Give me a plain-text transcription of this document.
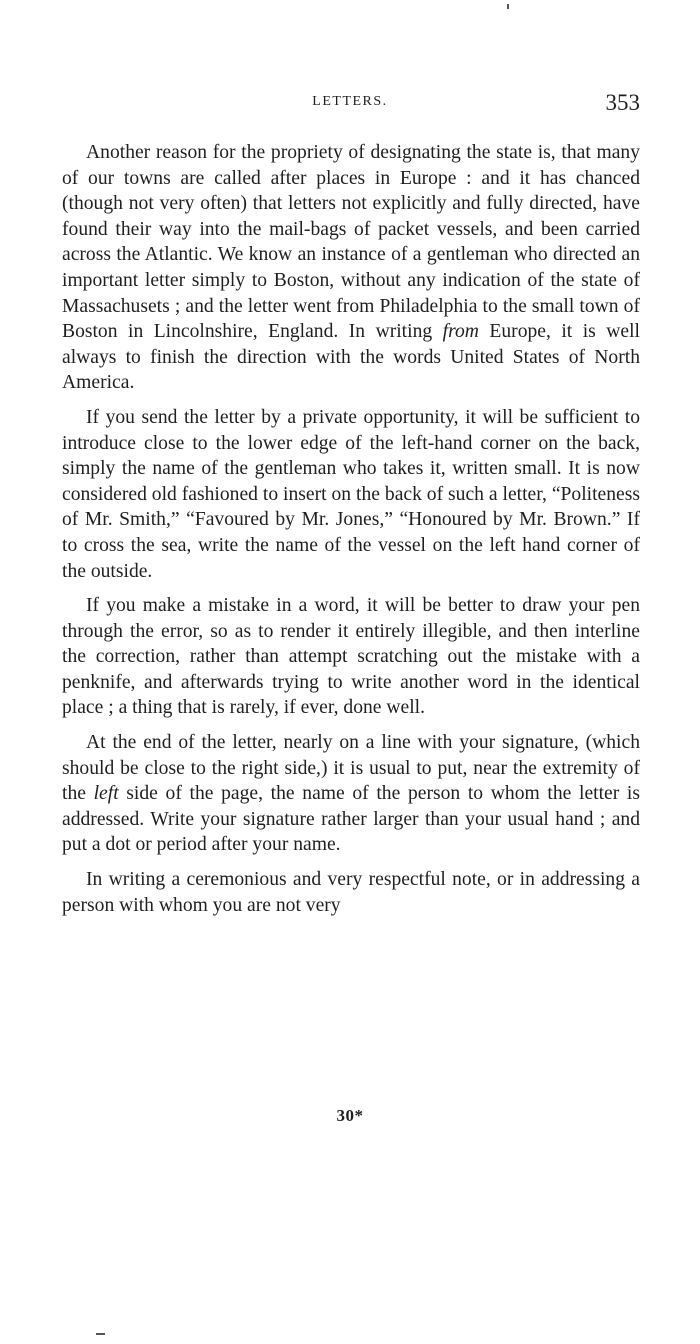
LETTERS.	353

Another reason for the propriety of designating the state is, that many of our towns are called after places in Europe : and it has chanced (though not very often) that letters not explicitly and fully directed, have found their way into the mail-bags of packet vessels, and been carried across the Atlantic. We know an instance of a gentleman who directed an important letter simply to Boston, without any indication of the state of Massachusets ; and the letter went from Philadelphia to the small town of Boston in Lincolnshire, England. In writing from Europe, it is well always to finish the direction with the words United States of North America.

If you send the letter by a private opportunity, it will be sufficient to introduce close to the lower edge of the left-hand corner on the back, simply the name of the gentleman who takes it, written small. It is now considered old fashioned to insert on the back of such a letter, “Politeness of Mr. Smith,” “Favoured by Mr. Jones,” “Honoured by Mr. Brown.” If to cross the sea, write the name of the vessel on the left hand corner of the outside.

If you make a mistake in a word, it will be better to draw your pen through the error, so as to render it entirely illegible, and then interline the correction, rather than attempt scratching out the mistake with a penknife, and afterwards trying to write another word in the identical place ; a thing that is rarely, if ever, done well.

At the end of the letter, nearly on a line with your signature, (which should be close to the right side,) it is usual to put, near the extremity of the left side of the page, the name of the person to whom the letter is addressed. Write your signature rather larger than your usual hand ; and put a dot or period after your name.

In writing a ceremonious and very respectful note, or in addressing a person with whom you are not very

30*
